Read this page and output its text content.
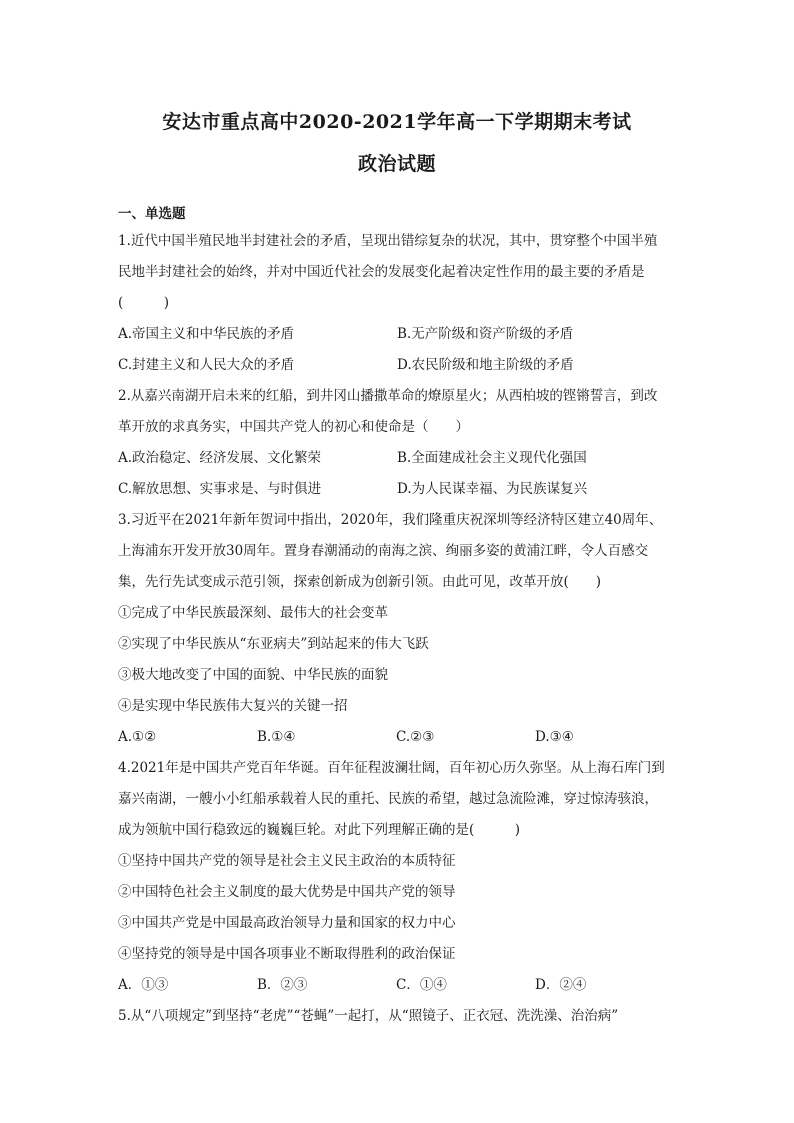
安达市重点高中2020-2021学年高一下学期期末考试
政治试题
一、单选题
1.近代中国半殖民地半封建社会的矛盾，呈现出错综复杂的状况，其中，贯穿整个中国半殖
民地半封建社会的始终，并对中国近代社会的发展变化起着决定性作用的最主要的矛盾是
(　　　)
A.帝国主义和中华民族的矛盾	B.无产阶级和资产阶级的矛盾
C.封建主义和人民大众的矛盾	D.农民阶级和地主阶级的矛盾
2.从嘉兴南湖开启未来的红船，到井冈山播撒革命的燎原星火；从西柏坡的铿锵誓言，到改
革开放的求真务实，中国共产党人的初心和使命是（　　）
A.政治稳定、经济发展、文化繁荣	B.全面建成社会主义现代化强国
C.解放思想、实事求是、与时俱进	D.为人民谋幸福、为民族谋复兴
3.习近平在2021年新年贺词中指出，2020年，我们隆重庆祝深圳等经济特区建立40周年、
上海浦东开发开放30周年。置身春潮涌动的南海之滨、绚丽多姿的黄浦江畔，令人百感交
集，先行先试变成示范引领，探索创新成为创新引领。由此可见，改革开放(　　)
①完成了中华民族最深刻、最伟大的社会变革
②实现了中华民族从“东亚病夫”到站起来的伟大飞跃
③极大地改变了中国的面貌、中华民族的面貌
④是实现中华民族伟大复兴的关键一招
A.①②	B.①④	C.②③	D.③④
4.2021年是中国共产党百年华诞。百年征程波澜壮阔，百年初心历久弥坚。从上海石库门到
嘉兴南湖，一艘小小红船承载着人民的重托、民族的希望，越过急流险滩，穿过惊涛骇浪，
成为领航中国行稳致远的巍巍巨轮。对此下列理解正确的是(　　　)
①坚持中国共产党的领导是社会主义民主政治的本质特征
②中国特色社会主义制度的最大优势是中国共产党的领导
③中国共产党是中国最高政治领导力量和国家的权力中心
④坚持党的领导是中国各项事业不断取得胜利的政治保证
A．①③	B．②③	C．①④	D．②④
5.从“八项规定”到坚持“老虎”“苍蝇”一起打，从“照镜子、正衣冠、洗洗澡、治治病”
